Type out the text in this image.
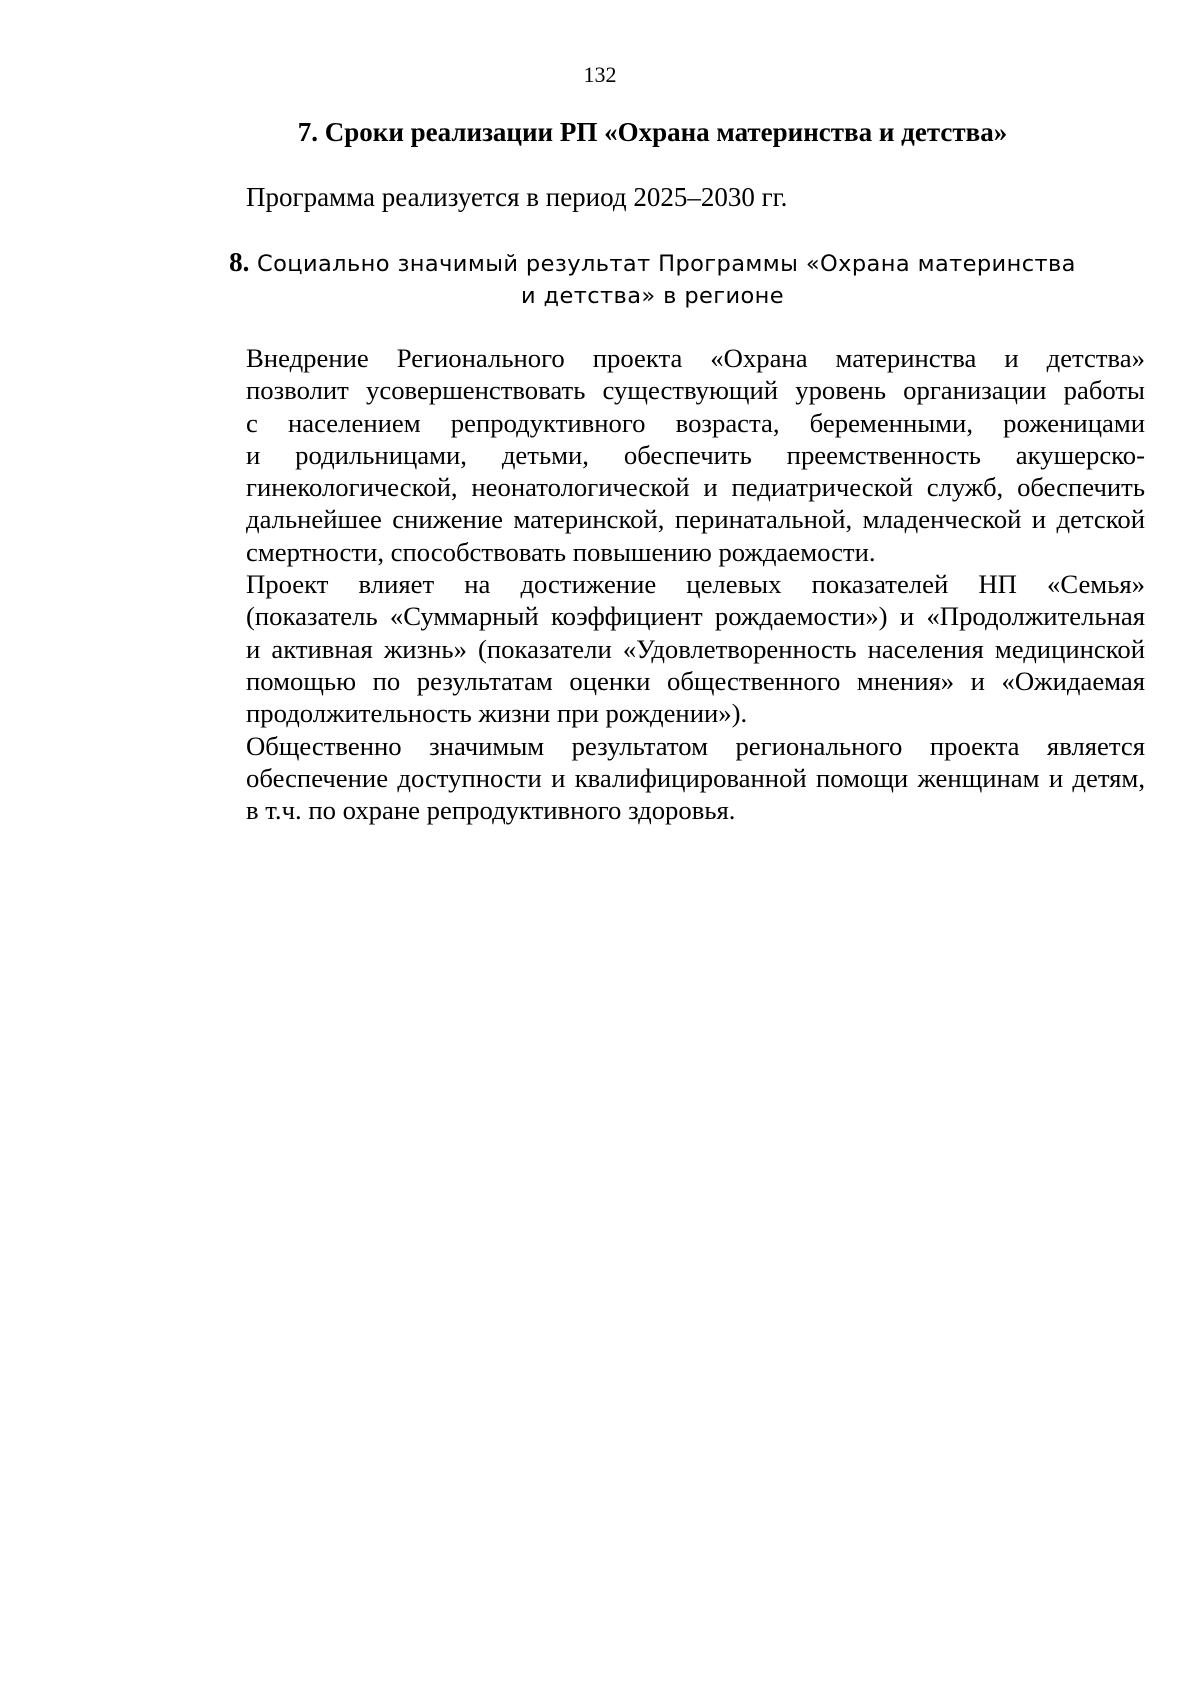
132
7. Сроки реализации РП «Охрана материнства и детства»
Программа реализуется в период 2025–2030 гг.
8. Социально значимый результат Программы «Охрана материнства
и детства» в регионе

Внедрение Регионального проекта «Охрана материнства и детства»
позволит усовершенствовать существующий уровень организации работы
с населением репродуктивного возраста, беременными, роженицами
и родильницами, детьми, обеспечить преемственность акушерско-
гинекологической, неонатологической и педиатрической служб, обеспечить
дальнейшее снижение материнской, перинатальной, младенческой и детской
смертности, способствовать повышению рождаемости.

Проект влияет на достижение целевых показателей НП «Семья»
(показатель «Суммарный коэффициент рождаемости») и «Продолжительная
и активная жизнь» (показатели «Удовлетворенность населения медицинской
помощью по результатам оценки общественного мнения» и «Ожидаемая
продолжительность жизни при рождении»).

Общественно значимым результатом регионального проекта является
обеспечение доступности и квалифицированной помощи женщинам и детям,
в т.ч. по охране репродуктивного здоровья.
